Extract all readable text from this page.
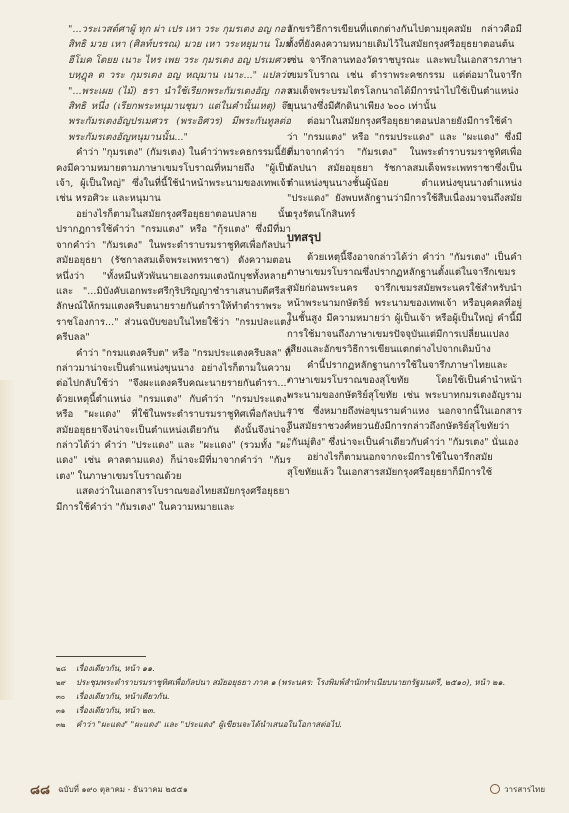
"...วระเวสต์ศาผู้ ทุก ผ่า เปร เหา วระ กุมรเตง อญ กอา สิทธิ มวย เหา (ศิลท์บรรณ) มวย เหา วระหยุมาน โมท ฮีโมค โดยย เนาะ ไหร เพย วระ กุมรเตง อญ ปรเมศวร บหฺฎุล ต วระ กุมรเตง อญ หญุมาน เนาะ..." แปลว่า "...พระเผย (ไม้) ธรา นำใช้เรียกพระกัมรเตงอัญ กลาสิทธิ หนึ่ง (เรียกพระหนุมานชุมา แต่ในคำนั้นเหตุ) จึงพระกัมรเตงอัญปรเมศวร (พระอิศวร) มีพระกันทูลต่อพระกัมรเตงอัญหนุมานนั้น..."

คำว่า "กุมรเตง" (กัมรเตง) ในคำว่าพระคธกรรมนี้ยังคงมีความหมายตามภาษาเขมรโบราณที่หมายถึง "ผู้เป็นเจ้า, ผู้เป็นใหญ่" ซึ่งในที่นี้ใช้นำหน้าพระนามของเทพเจ้าเช่น หรอศิวะ และหนุมาน

อย่างไรก็ตามในสมัยกรุงศรีอยุธยาตอนปลาย นั้นปรากฏการใช้คำว่า "กรมแตง" หรือ "กุ้รแตง" ซึ่งมีที่มาจากคำว่า "กัมรเตง" ในพระตำราบรมราชูทิศเพื่อกัลปนา สมัยอยุธยา (รัชกาลสมเด็จพระเพทราชา) ดังความตอนหนึ่งว่า "ทั้งหมีนหัวพันนายเองกรมแตงนักบุชทั้งหลาย" และ "...มิบังคับเอกพระศรีกุริปริญญาชำราเสนาบดีศรีสาลักษณ์ให้กรมแตงครีบตนายรายกันตำราให้ทำตำราพระราชโองการ..." ส่วนฉบับขอบในไทยใช้ว่า "กรมปละแตงครีบลล"

คำว่า "กรมแตงครีบต" หรือ "กรมประแตงครีบลล" ที่กล่าวมาน่าจะเป็นตำแหน่งขุนนาง อย่างไรก็ตามในความต่อไปกลับใช้ว่า "จึงผะแดงครีบคณะนายรายกันตำรา..." ด้วยเหตุนี้ตำแหน่ง "กรมแตง" กับคำว่า "กรมประแตง" หรือ "ผะแดง" ที่ใช้ในพระตำราบรมราชูทิศเพื่อกัลปนา สมัยอยุธยาจึงน่าจะเป็นตำแหน่งเดียวกัน ดังนั้นจึงน่าจะกล่าวได้ว่า คำว่า "ประแดง" และ "ผะแดง" (รวมทั้ง "ผะแดง" เช่น คาลตามแดง) ก็น่าจะมีที่มาจากคำว่า "กัมรเตง" ในภาษาเขมรโบราณด้วย

แสดงว่าในเอกสารโบราณของไทยสมัยกรุงศรีอยุธยามีการใช้คำว่า "กัมรเตง" ในความหมายและ

อักขรวิธีการเขียนที่แตกต่างกันไปตามยุคสมัย กล่าวคือมีทั้งที่ยังคงความหมายเดิมไว้ในสมัยกรุงศรีอยุธยาตอนต้น เช่น จารึกลานทองวัดราชบูรณะ และพบในเอกสารภาษาเขมรโบราณ เช่น ตำราพระคชกรรม แต่ต่อมาในจารึกสมเด็จพระบรมไตรโลกนาถได้มีการนำไปใช้เป็นตำแหน่งขุนนางซึ่งมีศักดินาเพียง ๖๐๐ เท่านั้น

ต่อมาในสมัยกรุงศรีอยุธยาตอนปลายยังมีการใช้คำว่า "กรมแตง" หรือ "กรมประแดง" และ "ผะแดง" ซึ่งมีที่มาจากคำว่า "กัมรเตง" ในพระตำราบรมราชูทิศเพื่อกัลปนา สมัยอยุธยา รัชกาลสมเด็จพระเพทราชาซึ่งเป็นตำแหน่งขุนนางชั้นผู้น้อย ตำแหน่งขุนนางตำแหน่ง "ประแดง" ยังพบหลักฐานว่ามีการใช้สืบเนื่องมาจนถึงสมัยกรุงรัตนโกสินทร์

บทสรุป

ด้วยเหตุนี้จึงอาจกล่าวได้ว่า คำว่า "กัมรเตง" เป็นคำภาษาเขมรโบราณซึ่งปรากฏหลักฐานตั้งแต่ในจารึกเขมรสมัยก่อนพระนคร จารึกเขมรสมัยพระนครใช้สำหรับนำหน้าพระนามกษัตริย์ พระนามของเทพเจ้า หรือบุคคลที่อยู่ในชั้นสูง มีความหมายว่า ผู้เป็นเจ้า หรือผู้เป็นใหญ่ คำนี้มีการใช้มาจนถึงภาษาเขมรปัจจุบันแต่มีการเปลี่ยนแปลงเสียงและอักขรวิธีการเขียนแตกต่างไปจากเดิมบ้าง

คำนี้ปรากฏหลักฐานการใช้ในจารึกภาษาไทยและภาษาเขมรโบราณของสุโขทัย โดยใช้เป็นคำนำหน้าพระนามของกษัตริย์สุโขทัย เช่น พระบาทกมรเตงอัญรามราช ซึ่งหมายถึงพ่อขุนรามคำแหง นอกจากนี้ในเอกสารจีนสมัยราชวงศ์หยวนยังมีการกล่าวถึงกษัตริย์สุโขทัยว่า "กันมู่ติง" ซึ่งน่าจะเป็นคำเดียวกับคำว่า "กัมรเตง" นั่นเอง

อย่างไรก็ตามนอกจากจะมีการใช้ในจารึกสมัยสุโขทัยแล้ว ในเอกสารสมัยกรุงศรีอยุธยาก็มีการใช้

๒๘	เรื่องเดียวกัน, หน้า ๑๑.
๒๙	ประชุมพระตำราบรมราชูทิศเพื่อกัลปนา สมัยอยุธยา ภาค ๑ (พระนคร: โรงพิมพ์สำนักทำเนียบนายกรัฐมนตรี, ๒๕๑๐), หน้า ๒๑.
๓๐	เรื่องเดียวกัน, หน้าเดียวกัน.
๓๑	เรื่องเดียวกัน, หน้า ๒๓.
๓๒	คำว่า "ผะแดง" "ผะแดง" และ "ประแดง" ผู้เขียนจะได้นำเสนอในโอกาสต่อไป.
๘๘ ฉบับที่ ๑๙๐ ตุลาคม - ธันวาคม ๒๕๕๑	วารสารไทย
